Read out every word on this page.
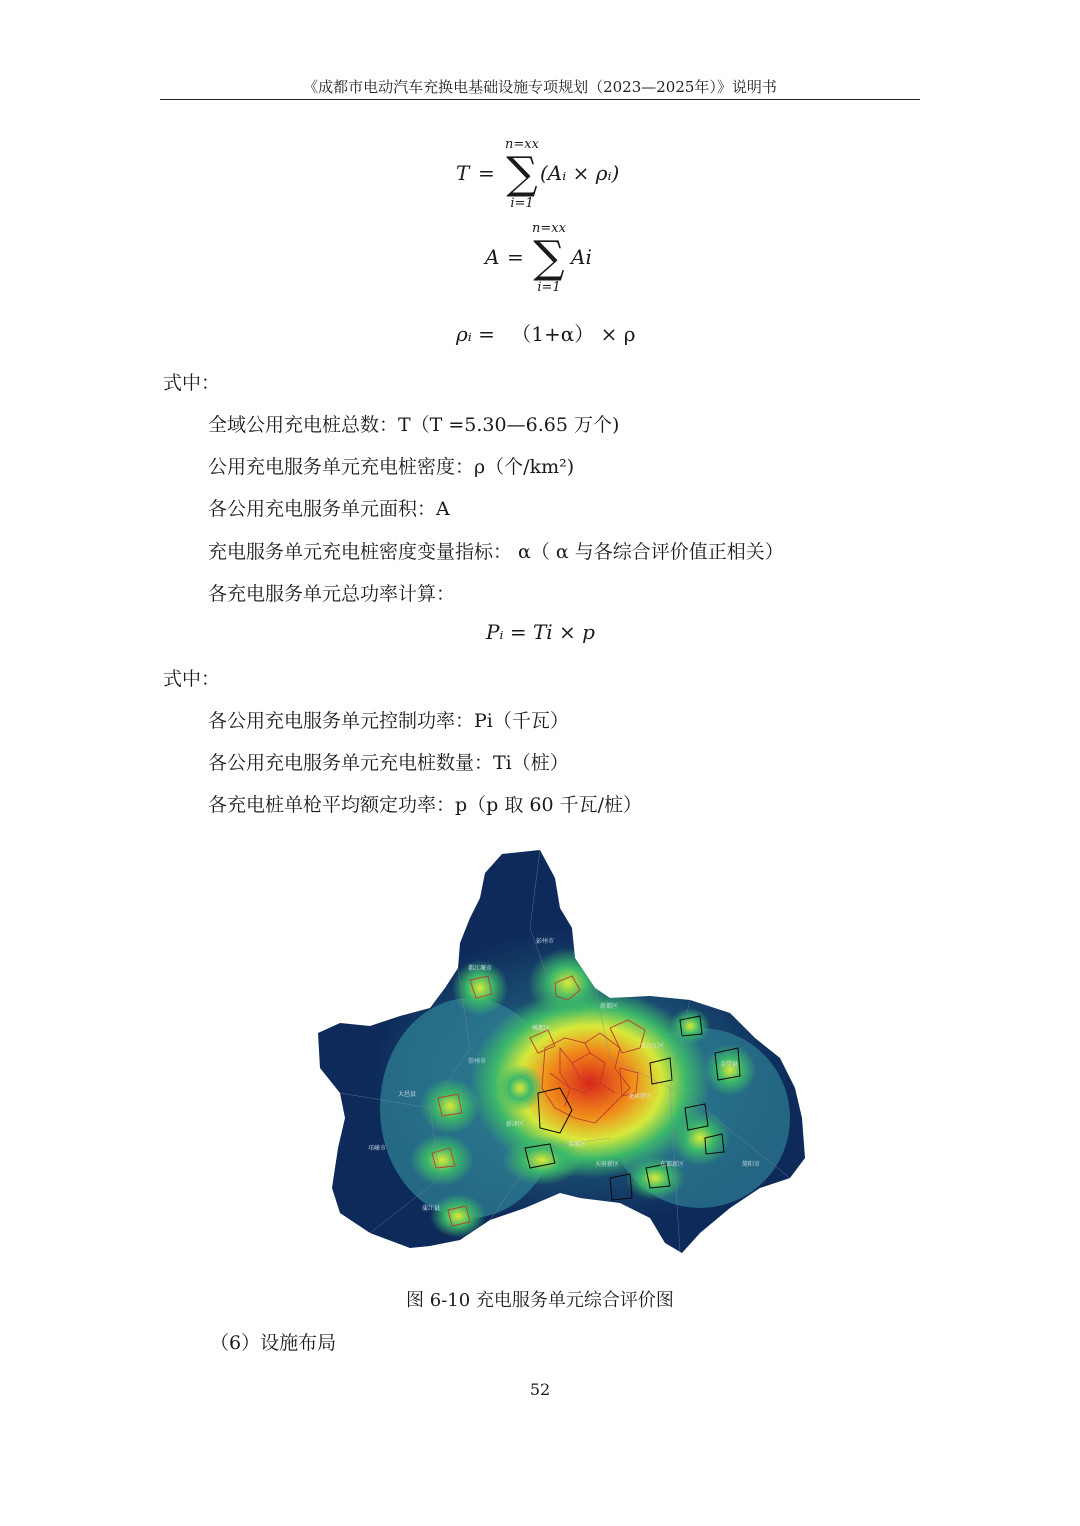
《成都市电动汽车充换电基础设施专项规划（2023—2025年）》说明书
T =
n=xx
∑
i=1
(Aᵢ × ρᵢ)
A =
n=xx
∑
i=1
Ai
ρᵢ = （1+α） × ρ
式中：
全域公用充电桩总数：T（T =5.30—6.65 万个)
公用充电服务单元充电桩密度：ρ（个/km²)
各公用充电服务单元面积：A
充电服务单元充电桩密度变量指标： α（ α 与各综合评价值正相关）
各充电服务单元总功率计算：
Pᵢ = Ti × p
式中：
各公用充电服务单元控制功率：Pi（千瓦）
各公用充电服务单元充电桩数量：Ti（桩）
各充电桩单枪平均额定功率：p（p 取 60 千瓦/桩）
彭州市
都江堰市
郫都区
崇州市
大邑县
邛崃市
蒲江县
新津区
龙泉驿区
金堂县
简阳市
东部新区
青白江区
双流区
新都区
天府新区
图 6-10 充电服务单元综合评价图
（6）设施布局
52
